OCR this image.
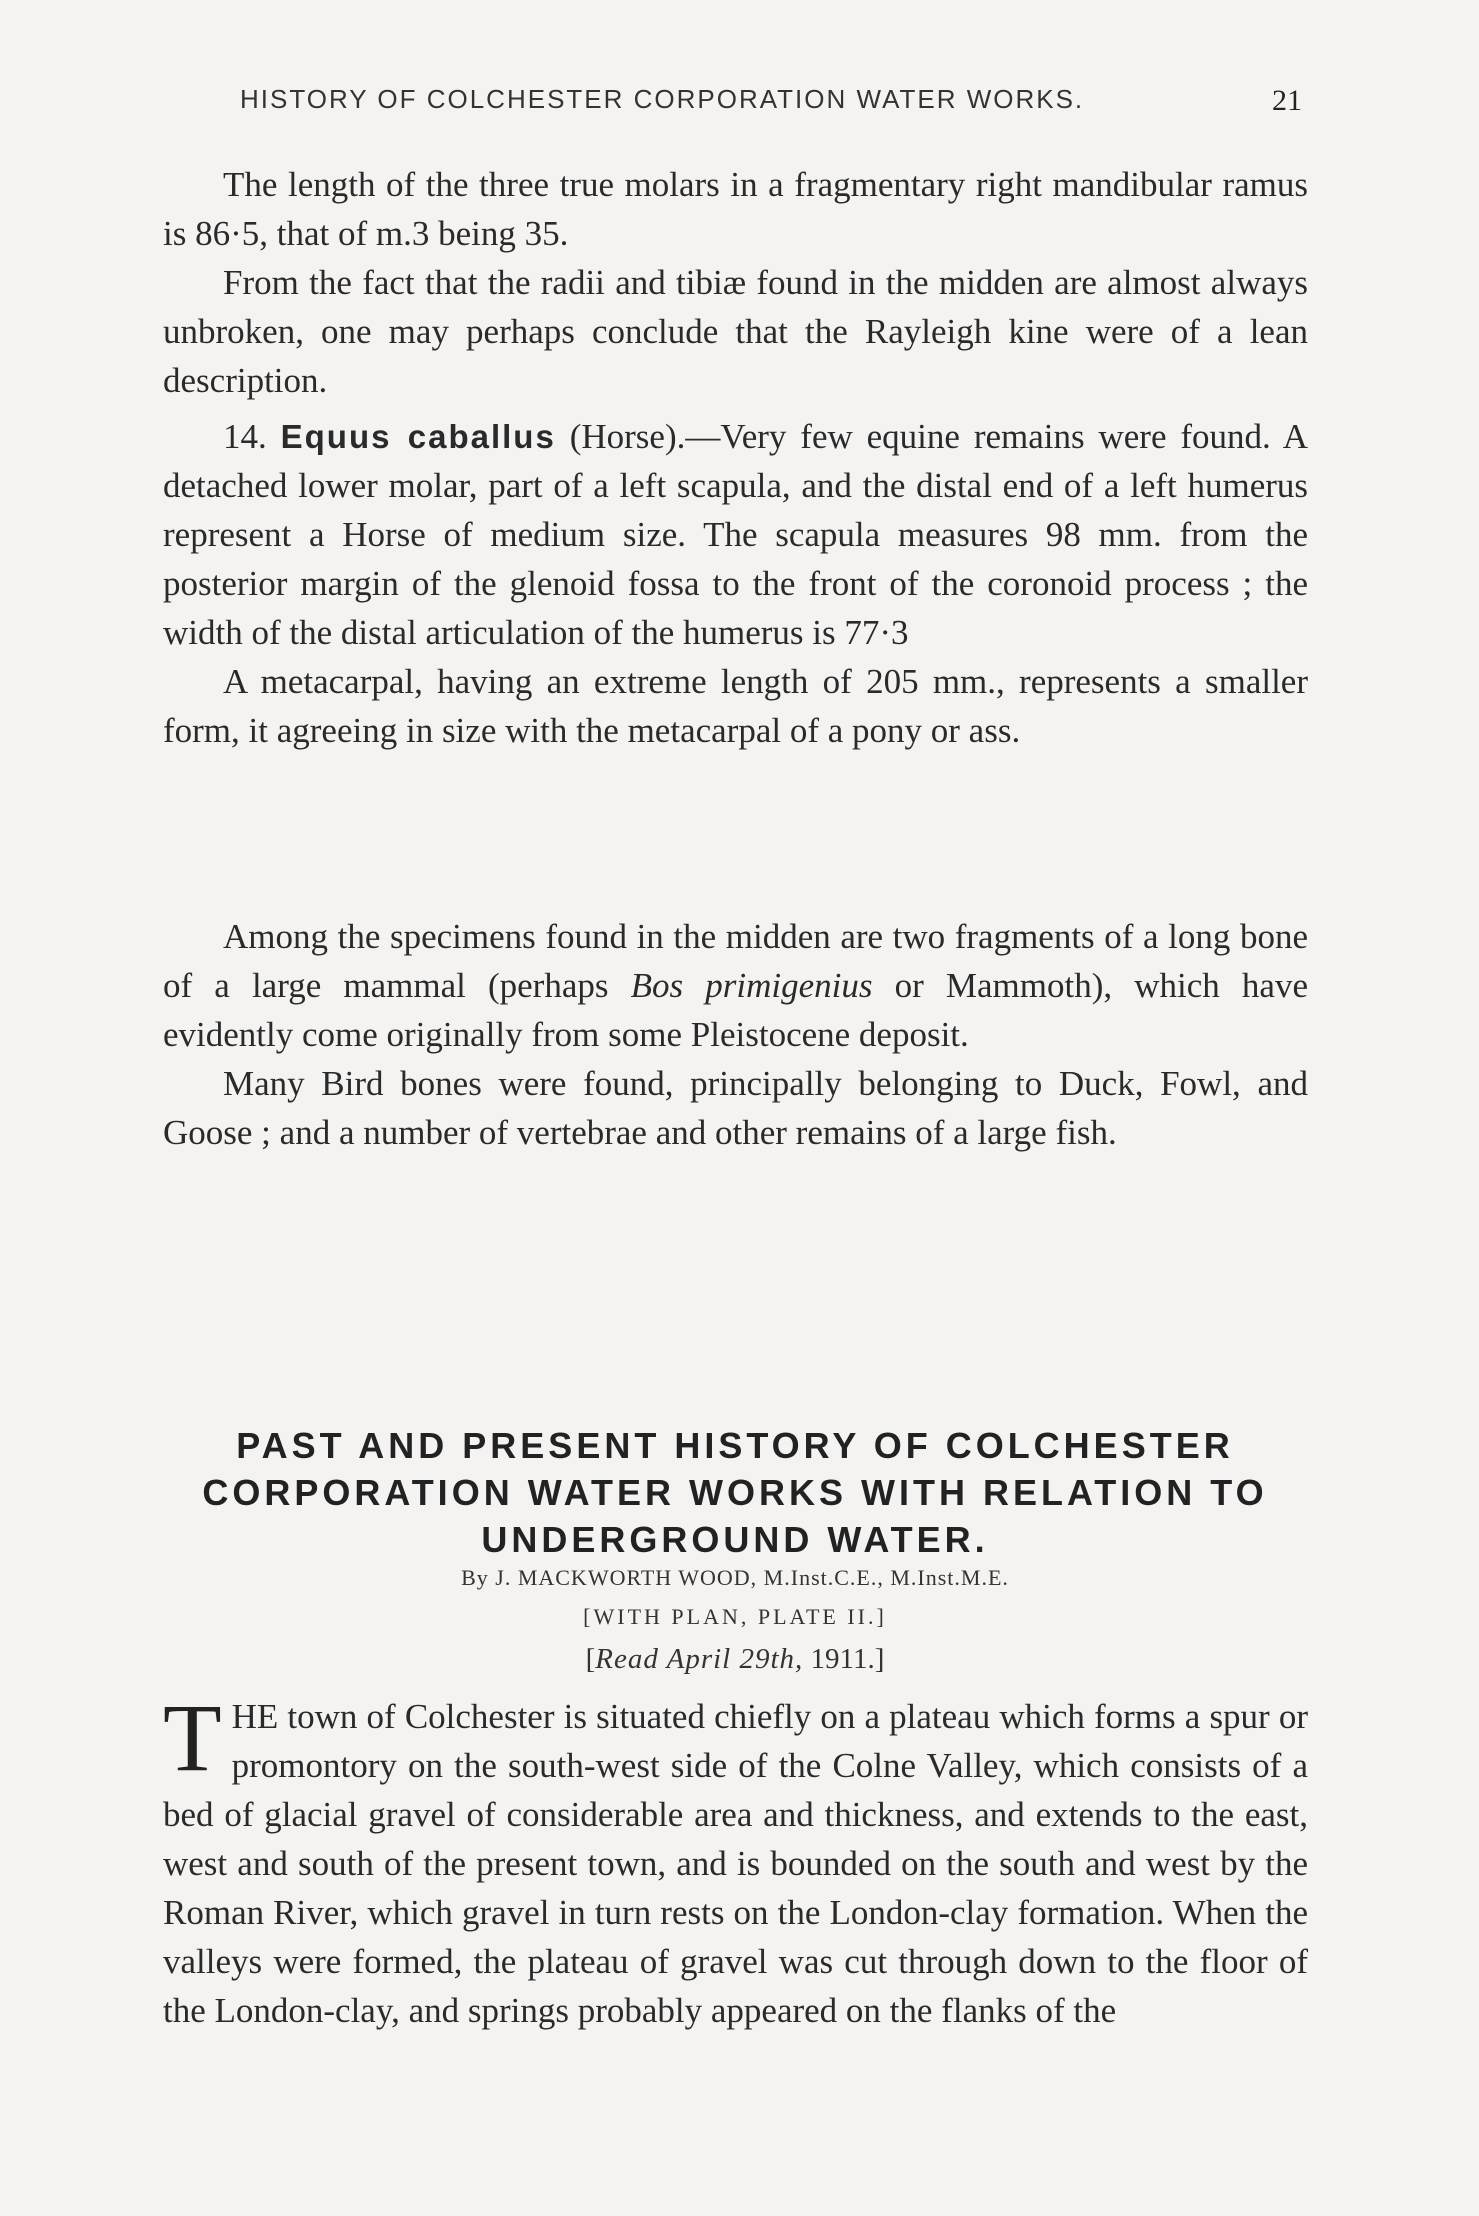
HISTORY OF COLCHESTER CORPORATION WATER WORKS.	21

The length of the three true molars in a fragmentary right mandibular ramus is 86·5, that of m.3 being 35.

From the fact that the radii and tibiæ found in the midden are almost always unbroken, one may perhaps conclude that the Rayleigh kine were of a lean description.

14. Equus caballus (Horse).—Very few equine remains were found. A detached lower molar, part of a left scapula, and the distal end of a left humerus represent a Horse of medium size. The scapula measures 98 mm. from the posterior margin of the glenoid fossa to the front of the coronoid process ; the width of the distal articulation of the humerus is 77·3

A metacarpal, having an extreme length of 205 mm., represents a smaller form, it agreeing in size with the metacarpal of a pony or ass.

Among the specimens found in the midden are two fragments of a long bone of a large mammal (perhaps Bos primigenius or Mammoth), which have evidently come originally from some Pleistocene deposit.

Many Bird bones were found, principally belonging to Duck, Fowl, and Goose ; and a number of vertebrae and other remains of a large fish.

PAST AND PRESENT HISTORY OF COLCHESTER CORPORATION WATER WORKS WITH RELATION TO UNDERGROUND WATER.
By J. MACKWORTH WOOD, M.Inst.C.E., M.Inst.M.E.
[WITH PLAN, PLATE II.]
[Read April 29th, 1911.]

THE town of Colchester is situated chiefly on a plateau which forms a spur or promontory on the south-west side of the Colne Valley, which consists of a bed of glacial gravel of considerable area and thickness, and extends to the east, west and south of the present town, and is bounded on the south and west by the Roman River, which gravel in turn rests on the London-clay formation. When the valleys were formed, the plateau of gravel was cut through down to the floor of the London-clay, and springs probably appeared on the flanks of the
